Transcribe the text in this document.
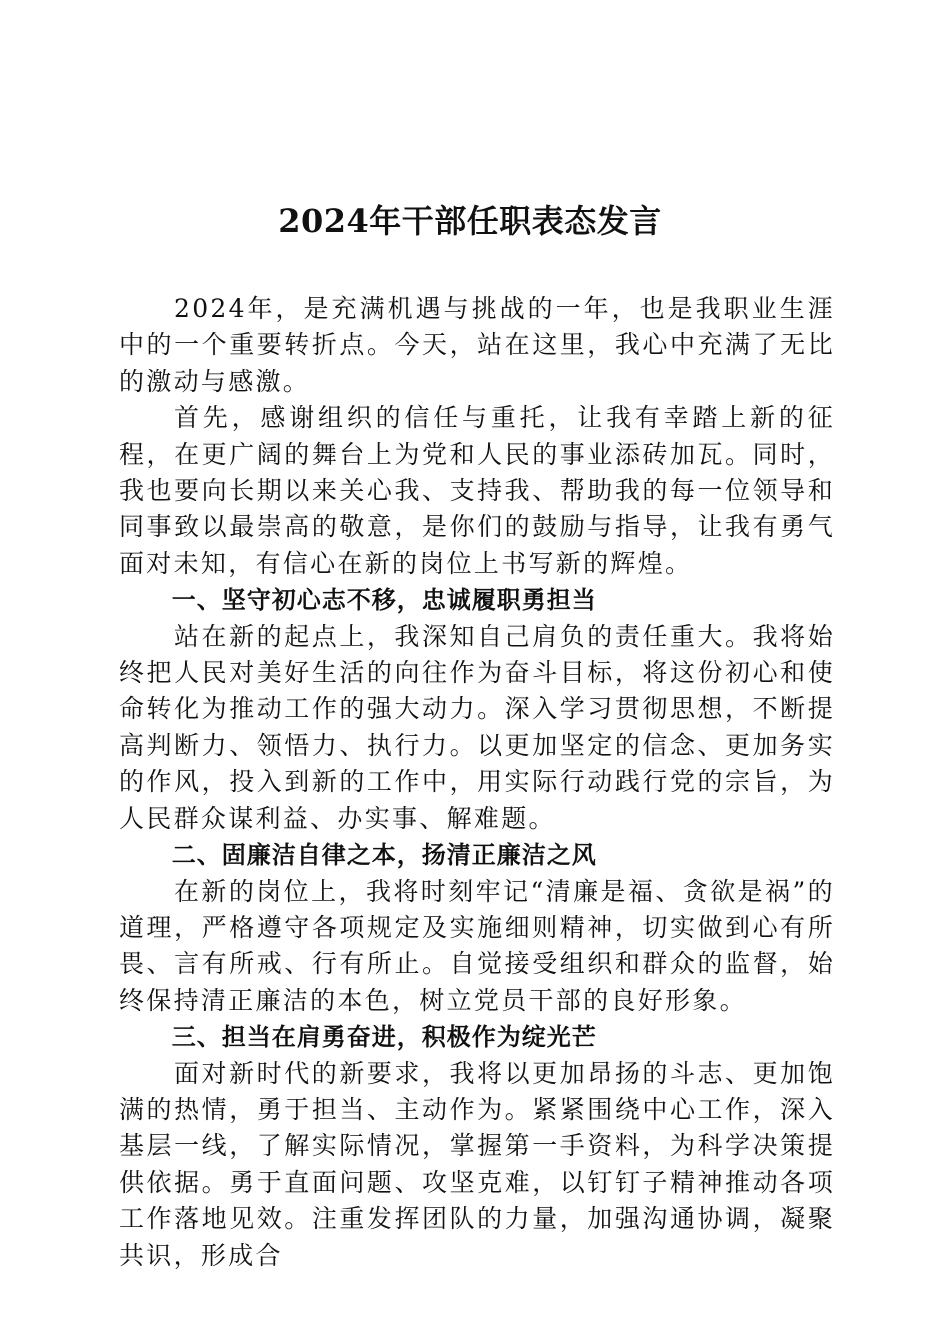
2024年干部任职表态发言

2024年，是充满机遇与挑战的一年，也是我职业生涯中的一个重要转折点。今天，站在这里，我心中充满了无比的激动与感激。

首先，感谢组织的信任与重托，让我有幸踏上新的征程，在更广阔的舞台上为党和人民的事业添砖加瓦。同时，我也要向长期以来关心我、支持我、帮助我的每一位领导和同事致以最崇高的敬意，是你们的鼓励与指导，让我有勇气面对未知，有信心在新的岗位上书写新的辉煌。

一、坚守初心志不移，忠诚履职勇担当

站在新的起点上，我深知自己肩负的责任重大。我将始终把人民对美好生活的向往作为奋斗目标，将这份初心和使命转化为推动工作的强大动力。深入学习贯彻思想，不断提高判断力、领悟力、执行力。以更加坚定的信念、更加务实的作风，投入到新的工作中，用实际行动践行党的宗旨，为人民群众谋利益、办实事、解难题。

二、固廉洁自律之本，扬清正廉洁之风

在新的岗位上，我将时刻牢记“清廉是福、贪欲是祸”的道理，严格遵守各项规定及实施细则精神，切实做到心有所畏、言有所戒、行有所止。自觉接受组织和群众的监督，始终保持清正廉洁的本色，树立党员干部的良好形象。

三、担当在肩勇奋进，积极作为绽光芒

面对新时代的新要求，我将以更加昂扬的斗志、更加饱满的热情，勇于担当、主动作为。紧紧围绕中心工作，深入基层一线，了解实际情况，掌握第一手资料，为科学决策提供依据。勇于直面问题、攻坚克难，以钉钉子精神推动各项工作落地见效。注重发挥团队的力量，加强沟通协调，凝聚共识，形成合
